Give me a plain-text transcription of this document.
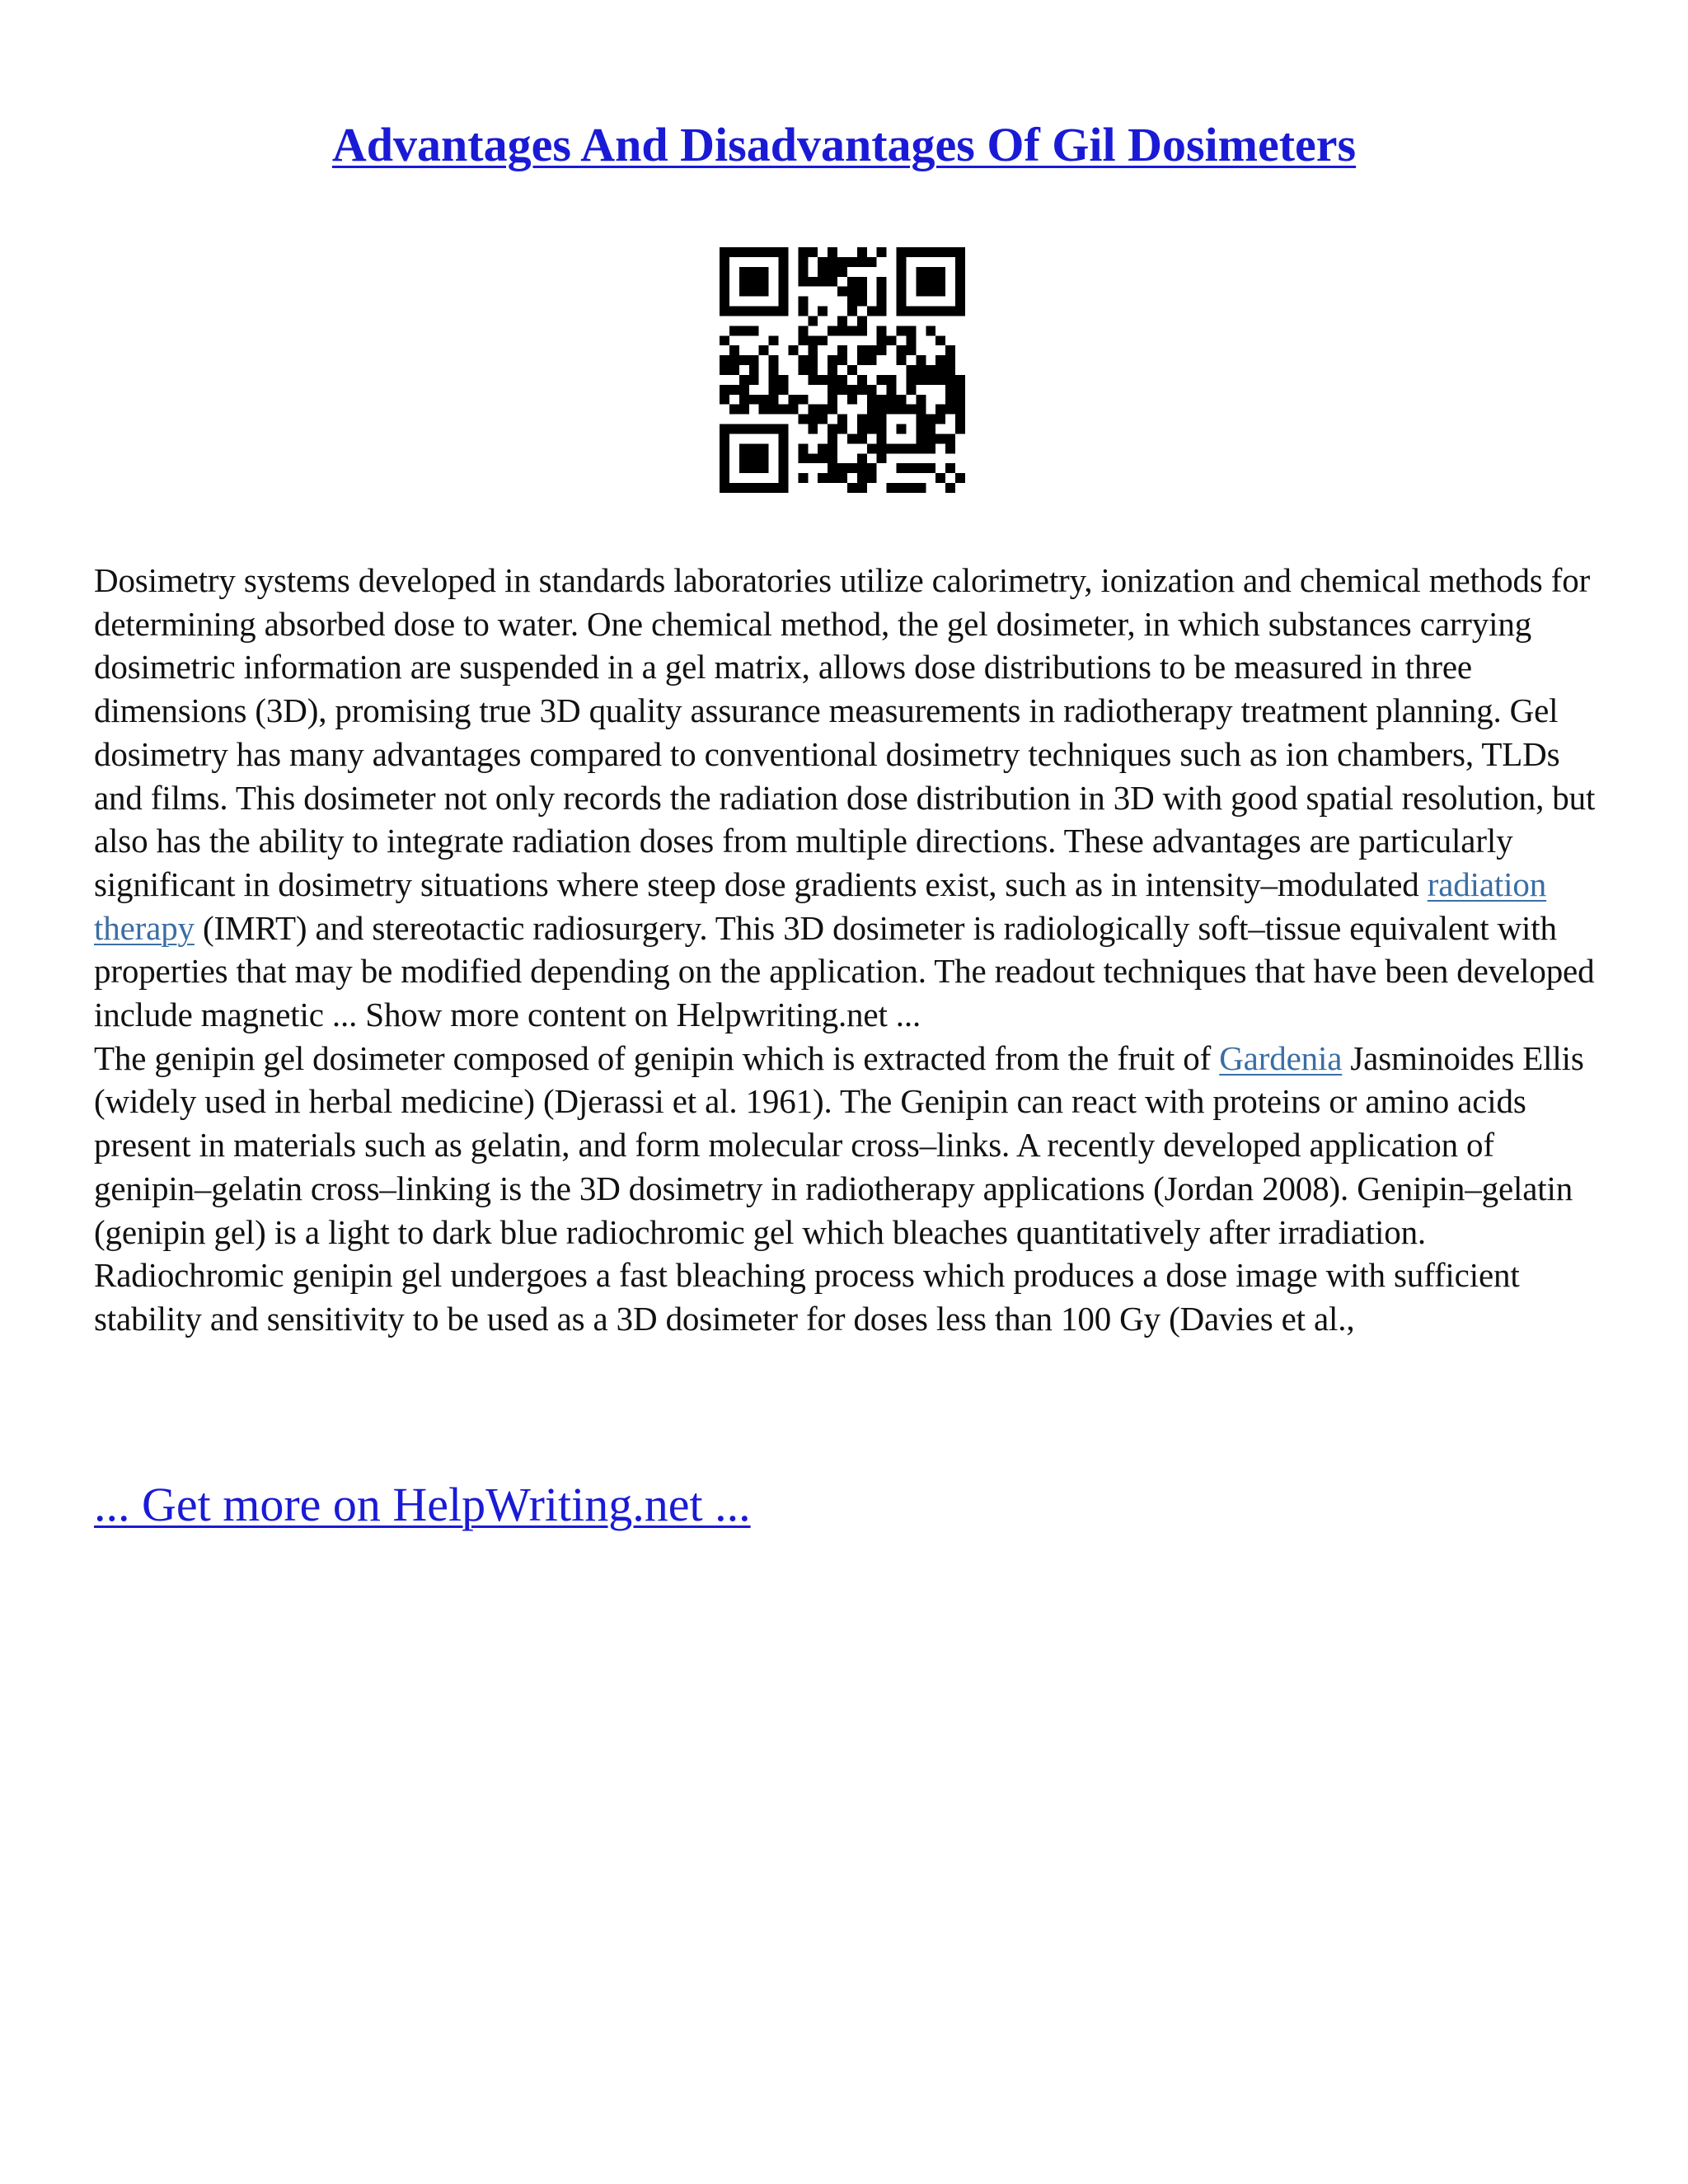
Advantages And Disadvantages Of Gil Dosimeters

Dosimetry systems developed in standards laboratories utilize calorimetry, ionization and chemical methods for determining absorbed dose to water. One chemical method, the gel dosimeter, in which substances carrying dosimetric information are suspended in a gel matrix, allows dose distributions to be measured in three dimensions (3D), promising true 3D quality assurance measurements in radiotherapy treatment planning. Gel dosimetry has many advantages compared to conventional dosimetry techniques such as ion chambers, TLDs and films. This dosimeter not only records the radiation dose distribution in 3D with good spatial resolution, but also has the ability to integrate radiation doses from multiple directions. These advantages are particularly significant in dosimetry situations where steep dose gradients exist, such as in intensity–modulated radiation therapy (IMRT) and stereotactic radiosurgery. This 3D dosimeter is radiologically soft–tissue equivalent with properties that may be modified depending on the application. The readout techniques that have been developed include magnetic ... Show more content on Helpwriting.net ...

The genipin gel dosimeter composed of genipin which is extracted from the fruit of Gardenia Jasminoides Ellis (widely used in herbal medicine) (Djerassi et al. 1961). The Genipin can react with proteins or amino acids present in materials such as gelatin, and form molecular cross–links. A recently developed application of genipin–gelatin cross–linking is the 3D dosimetry in radiotherapy applications (Jordan 2008). Genipin–gelatin (genipin gel) is a light to dark blue radiochromic gel which bleaches quantitatively after irradiation. Radiochromic genipin gel undergoes a fast bleaching process which produces a dose image with sufficient stability and sensitivity to be used as a 3D dosimeter for doses less than 100 Gy (Davies et al.,

... Get more on HelpWriting.net ...
